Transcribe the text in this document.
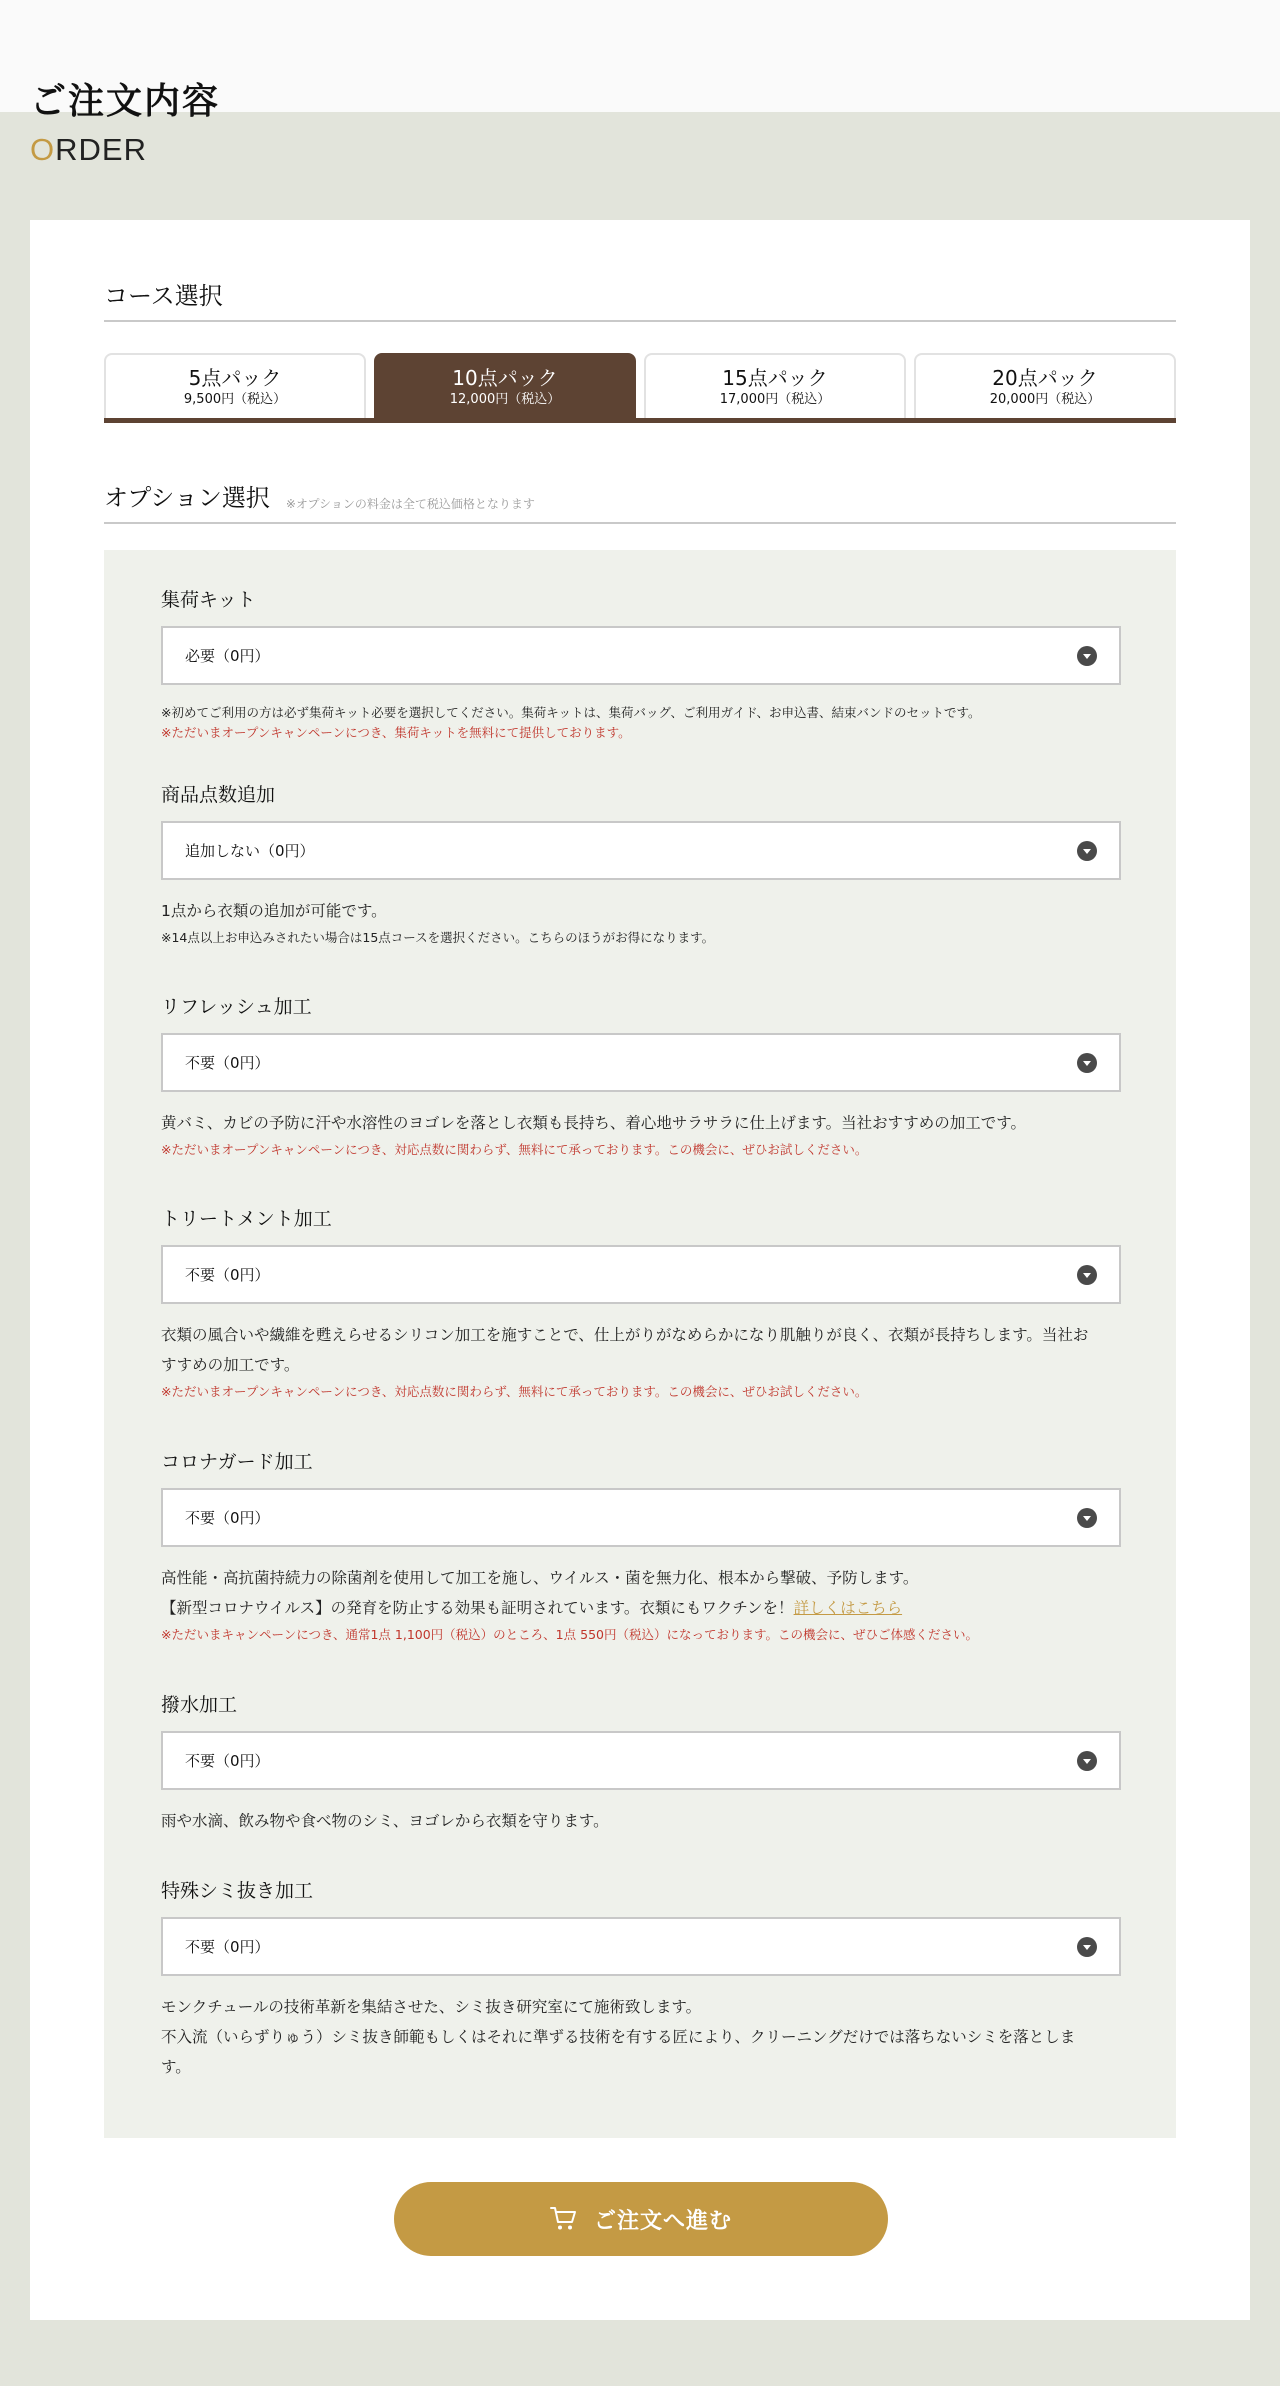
ご注文内容
ORDER
コース選択
5点パック
9,500円（税込）
10点パック
12,000円（税込）
15点パック
17,000円（税込）
20点パック
20,000円（税込）
オプション選択 ※オプションの料金は全て税込価格となります
集荷キット
必要（0円）
※初めてご利用の方は必ず集荷キット必要を選択してください。集荷キットは、集荷バッグ、ご利用ガイド、お申込書、結束バンドのセットです。
※ただいまオープンキャンペーンにつき、集荷キットを無料にて提供しております。
商品点数追加
追加しない（0円）
1点から衣類の追加が可能です。
※14点以上お申込みされたい場合は15点コースを選択ください。こちらのほうがお得になります。
リフレッシュ加工
不要（0円）
黄バミ、カビの予防に汗や水溶性のヨゴレを落とし衣類も長持ち、着心地サラサラに仕上げます。当社おすすめの加工です。
※ただいまオープンキャンペーンにつき、対応点数に関わらず、無料にて承っております。この機会に、ぜひお試しください。
トリートメント加工
不要（0円）
衣類の風合いや繊維を甦えらせるシリコン加工を施すことで、仕上がりがなめらかになり肌触りが良く、衣類が長持ちします。当社お
すすめの加工です。
※ただいまオープンキャンペーンにつき、対応点数に関わらず、無料にて承っております。この機会に、ぜひお試しください。
コロナガード加工
不要（0円）
高性能・高抗菌持続力の除菌剤を使用して加工を施し、ウイルス・菌を無力化、根本から撃破、予防します。
【新型コロナウイルス】の発育を防止する効果も証明されています。衣類にもワクチンを！詳しくはこちら
※ただいまキャンペーンにつき、通常1点 1,100円（税込）のところ、1点 550円（税込）になっております。この機会に、ぜひご体感ください。
撥水加工
不要（0円）
雨や水滴、飲み物や食べ物のシミ、ヨゴレから衣類を守ります。
特殊シミ抜き加工
不要（0円）
モンクチュールの技術革新を集結させた、シミ抜き研究室にて施術致します。
不入流（いらずりゅう）シミ抜き師範もしくはそれに準ずる技術を有する匠により、クリーニングだけでは落ちないシミを落としま
す。
ご注文へ進む
